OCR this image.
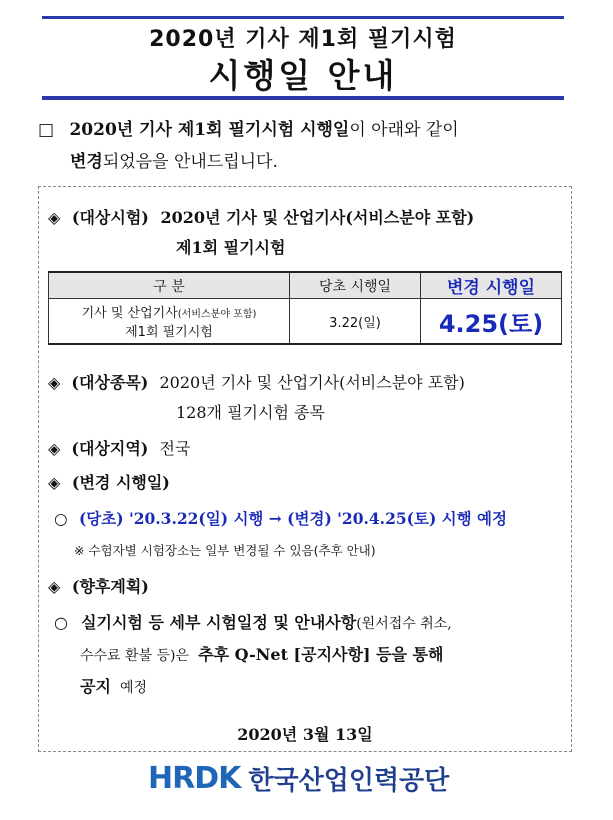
2020년 기사 제1회 필기시험
시행일 안내
□ 2020년 기사 제1회 필기시험 시행일이 아래와 같이
변경되었음을 안내드립니다.
◈ (대상시험) 2020년 기사 및 산업기사(서비스분야 포함)
제1회 필기시험
구 분	당초 시행일	변경 시행일

기사 및 산업기사(서비스분야 포함)
제1회 필기시험	3.22(일)	4.25(토)
◈ (대상종목) 2020년 기사 및 산업기사(서비스분야 포함)
128개 필기시험 종목
◈ (대상지역) 전국
◈ (변경 시행일)
○ (당초) '20.3.22(일) 시행 → (변경) '20.4.25(토) 시행 예정
※ 수험자별 시험장소는 일부 변경될 수 있음(추후 안내)
◈ (향후계획)
○ 실기시험 등 세부 시험일정 및 안내사항(원서접수 취소,
수수료 환불 등)은 추후 Q-Net [공지사항] 등을 통해
공지 예정
2020년 3월 13일
HRDK 한국산업인력공단
